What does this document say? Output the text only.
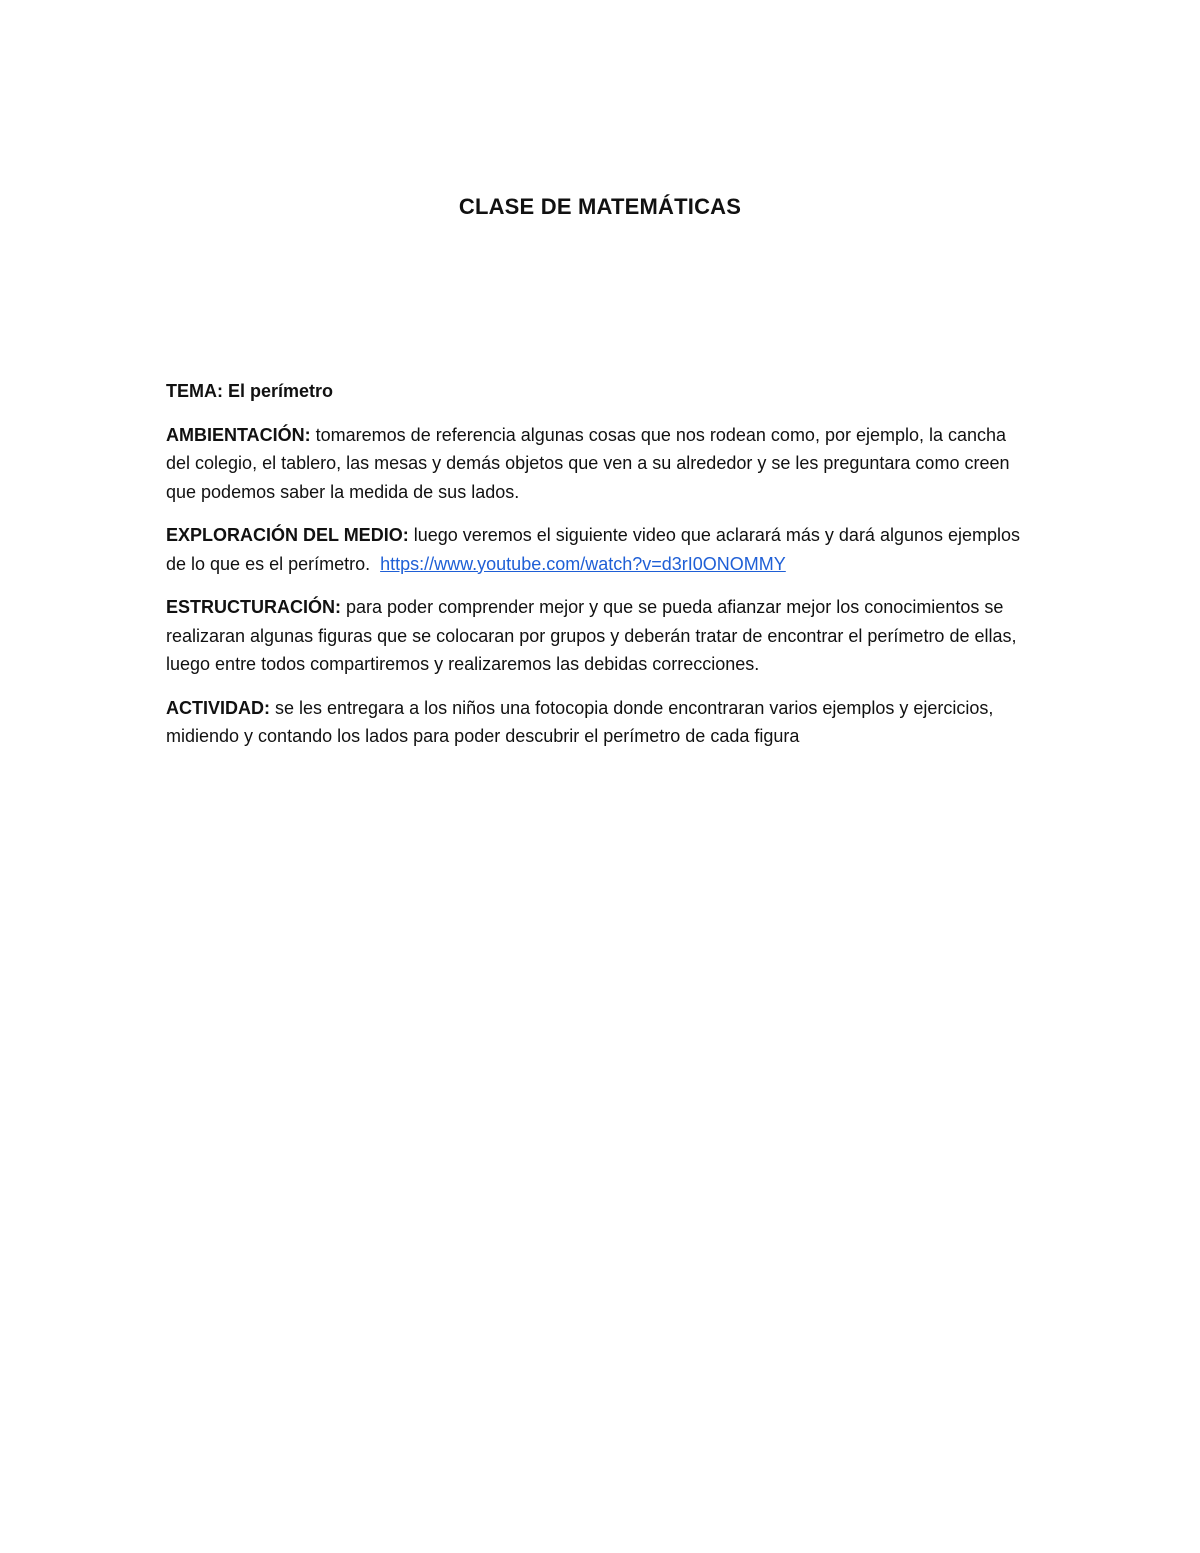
CLASE DE MATEMÁTICAS

TEMA: El perímetro

AMBIENTACIÓN: tomaremos de referencia algunas cosas que nos rodean como, por ejemplo, la cancha del colegio, el tablero, las mesas y demás objetos que ven a su alrededor y se les preguntara como creen que podemos saber la medida de sus lados.

EXPLORACIÓN DEL MEDIO: luego veremos el siguiente video que aclarará más y dará algunos ejemplos de lo que es el perímetro.  https://www.youtube.com/watch?v=d3rI0ONOMMY

ESTRUCTURACIÓN: para poder comprender mejor y que se pueda afianzar mejor los conocimientos se realizaran algunas figuras que se colocaran por grupos y deberán tratar de encontrar el perímetro de ellas, luego entre todos compartiremos y realizaremos las debidas correcciones.

ACTIVIDAD: se les entregara a los niños una fotocopia donde encontraran varios ejemplos y ejercicios, midiendo y contando los lados para poder descubrir el perímetro de cada figura
